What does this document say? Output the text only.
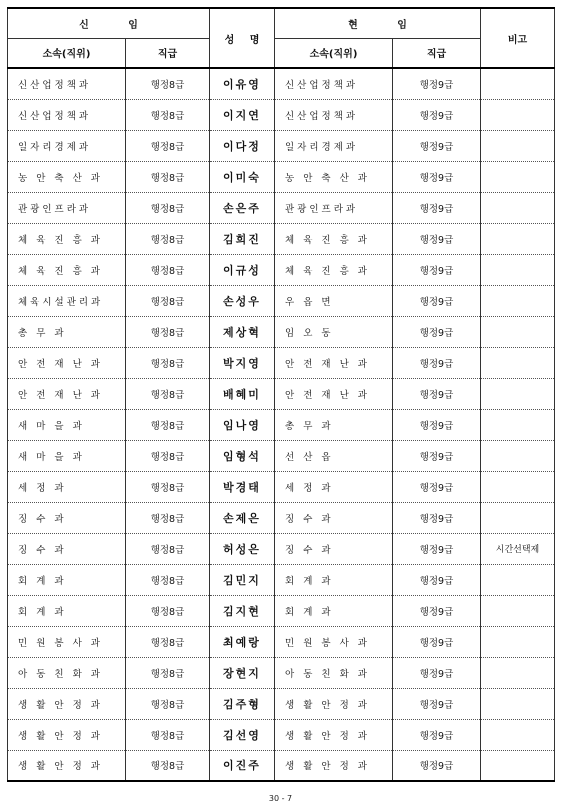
신 임		성 명	현 임		비고
소속(직위)	직급		소속(직위)	직급	
신산업정책과	행정8급	이유영	신산업정책과	행정9급	
신산업정책과	행정8급	이지연	신산업정책과	행정9급	
일자리경제과	행정8급	이다정	일자리경제과	행정9급	
농 안 축 산 과	행정8급	이미숙	농 안 축 산 과	행정9급	
관광인프라과	행정8급	손은주	관광인프라과	행정9급	
체 육 진 흥 과	행정8급	김희진	체 육 진 흥 과	행정9급	
체 육 진 흥 과	행정8급	이규성	체 육 진 흥 과	행정9급	
체육시설관리과	행정8급	손성우	우 읍 면	행정9급	
총 무 과	행정8급	제상혁	임 오 동	행정9급	
안 전 재 난 과	행정8급	박지영	안 전 재 난 과	행정9급	
안 전 재 난 과	행정8급	배혜미	안 전 재 난 과	행정9급	
새 마 을 과	행정8급	임나영	총 무 과	행정9급	
새 마 을 과	행정8급	임형석	선 산 읍	행정9급	
세 정 과	행정8급	박경태	세 정 과	행정9급	
징 수 과	행정8급	손제은	징 수 과	행정9급	
징 수 과	행정8급	허성은	징 수 과	행정9급	시간선택제
회 계 과	행정8급	김민지	회 계 과	행정9급	
회 계 과	행정8급	김지현	회 계 과	행정9급	
민 원 봉 사 과	행정8급	최예랑	민 원 봉 사 과	행정9급	
아 동 친 화 과	행정8급	장현지	아 동 친 화 과	행정9급	
생 활 안 정 과	행정8급	김주형	생 활 안 정 과	행정9급	
생 활 안 정 과	행정8급	김선영	생 활 안 정 과	행정9급	
생 활 안 정 과	행정8급	이진주	생 활 안 정 과	행정9급	
30 - 7
